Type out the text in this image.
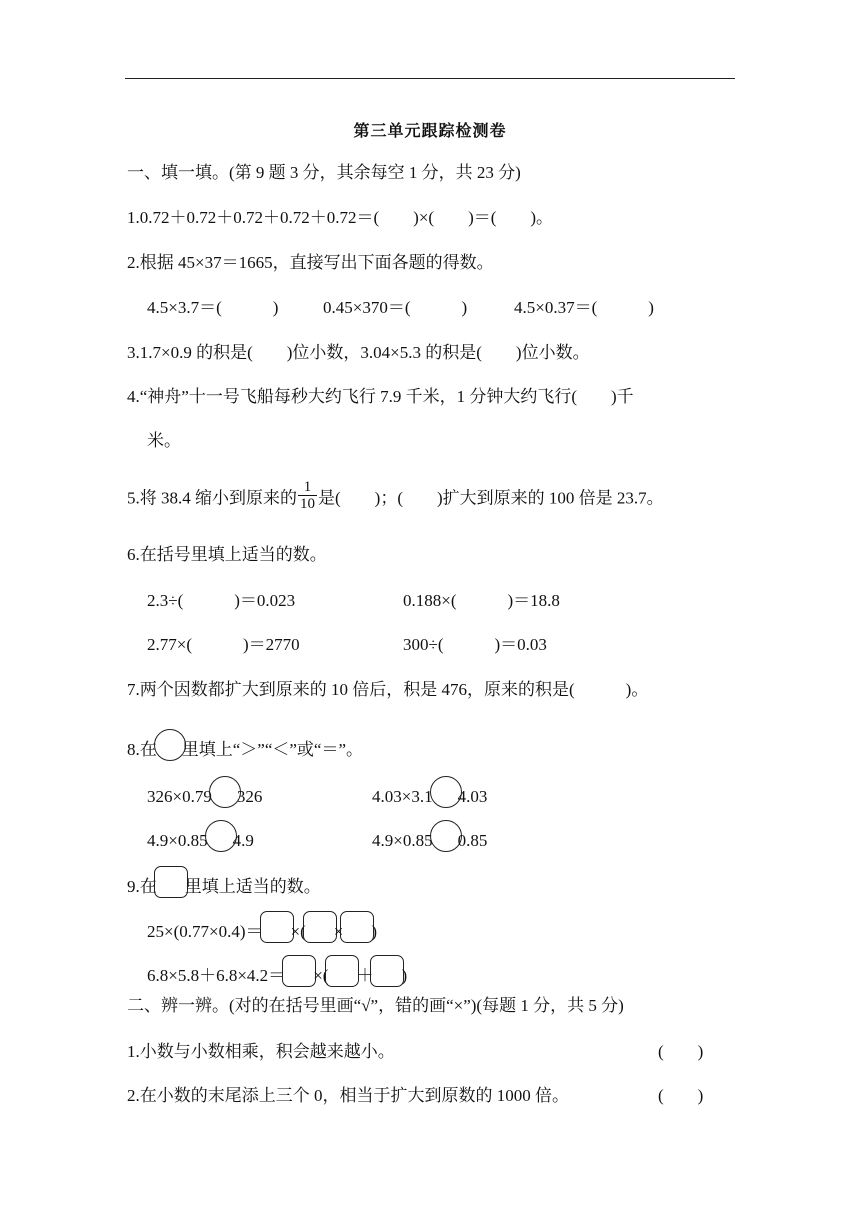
第三单元跟踪检测卷
一、填一填。(第 9 题 3 分，其余每空 1 分，共 23 分)
1.0.72＋0.72＋0.72＋0.72＋0.72＝(　　)×(　　)＝(　　)。
2.根据 45×37＝1665，直接写出下面各题的得数。
4.5×3.7＝(　　　)	0.45×370＝(　　　)	4.5×0.37＝(　　　)
3.1.7×0.9 的积是(　　)位小数，3.04×5.3 的积是(　　)位小数。
4.“神舟”十一号飞船每秒大约飞行 7.9 千米，1 分钟大约飞行(　　)千
米。
5.将 38.4 缩小到原来的 $\frac{1}{10}$ 是(　　)；(　　)扩大到原来的 100 倍是 23.7。
6.在括号里填上适当的数。
2.3÷(　　　)＝0.023	0.188×(　　　)＝18.8
2.77×(　　　)＝2770	300÷(　　　)＝0.03
7.两个因数都扩大到原来的 10 倍后，积是 476，原来的积是(　　　)。
8.在 里填上“＞”“＜”或“＝”。
326×0.79 326	4.03×3.1 4.03
4.9×0.85 4.9	4.9×0.85 0.85
9.在 里填上适当的数。
25×(0.77×0.4)＝ ×( × )
6.8×5.8＋6.8×4.2＝ ×( ＋ )
二、辨一辨。(对的在括号里画“√”，错的画“×”)(每题 1 分，共 5 分)
1.小数与小数相乘，积会越来越小。	(　　)
2.在小数的末尾添上三个 0，相当于扩大到原数的 1000 倍。	(　　)
